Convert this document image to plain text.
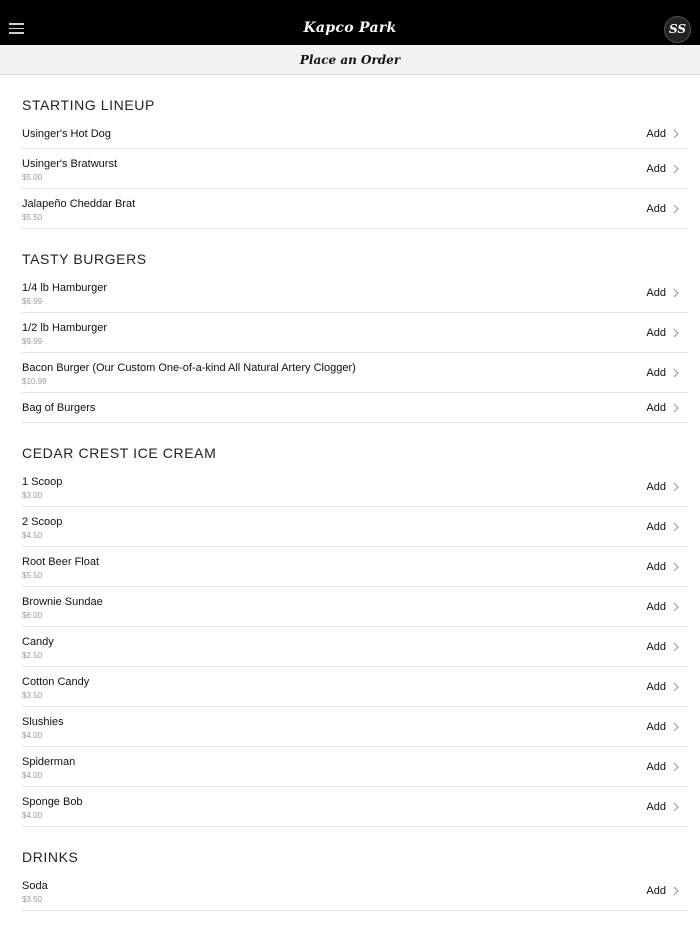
Kapco Park	SS
Place an Order
STARTING LINEUP
Usinger's Hot Dog	Add
Usinger's Bratwurst
$5.00
Add
Jalapeño Cheddar Brat
$5.50
Add
TASTY BURGERS
1/4 lb Hamburger
$6.99
Add
1/2 lb Hamburger
$9.99
Add
Bacon Burger (Our Custom One-of-a-kind All Natural Artery Clogger)
$10.99
Add
Bag of Burgers	Add
CEDAR CREST ICE CREAM
1 Scoop
$3.00
Add
2 Scoop
$4.50
Add
Root Beer Float
$5.50
Add
Brownie Sundae
$6.00
Add
Candy
$2.50
Add
Cotton Candy
$3.50
Add
Slushies
$4.00
Add
Spiderman
$4.00
Add
Sponge Bob
$4.00
Add
DRINKS
Soda
$3.50
Add
